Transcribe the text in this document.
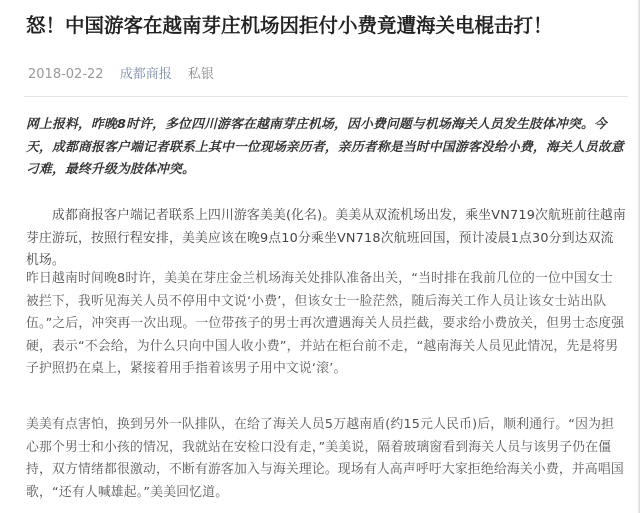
怒！中国游客在越南芽庄机场因拒付小费竟遭海关电棍击打！
2018-02-22 成都商报 私银

网上报料，昨晚8时许，多位四川游客在越南芽庄机场，因小费问题与机场海关人员发生肢体冲突。今天，成都商报客户端记者联系上其中一位现场亲历者，亲历者称是当时中国游客没给小费，海关人员故意刁难，最终升级为肢体冲突。

成都商报客户端记者联系上四川游客美美(化名)。美美从双流机场出发，乘坐VN719次航班前往越南芽庄游玩，按照行程安排，美美应该在晚9点10分乘坐VN718次航班回国，预计凌晨1点30分到达双流机场。

昨日越南时间晚8时许，美美在芽庄金兰机场海关处排队准备出关，“当时排在我前几位的一位中国女士被拦下，我听见海关人员不停用中文说‘小费’，但该女士一脸茫然，随后海关工作人员让该女士站出队伍。”之后，冲突再一次出现。一位带孩子的男士再次遭遇海关人员拦截，要求给小费放关，但男士态度强硬，表示“不会给，为什么只向中国人收小费”，并站在柜台前不走，“越南海关人员见此情况，先是将男子护照扔在桌上，紧接着用手指着该男子用中文说‘滚’。

美美有点害怕，换到另外一队排队，在给了海关人员5万越南盾(约15元人民币)后，顺利通行。“因为担心那个男士和小孩的情况，我就站在安检口没有走，”美美说，隔着玻璃窗看到海关人员与该男子仍在僵持，双方情绪都很激动，不断有游客加入与海关理论。现场有人高声呼吁大家拒绝给海关小费，并高唱国歌，“还有人喊雄起。”美美回忆道。
